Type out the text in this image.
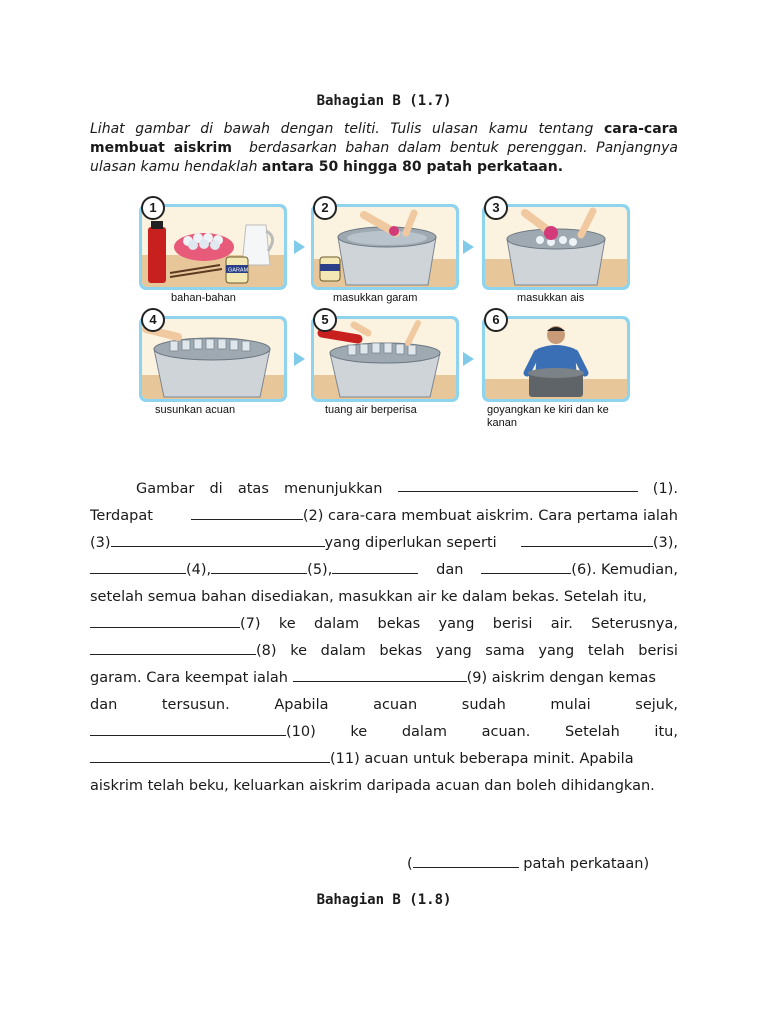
Bahagian B (1.7)
Lihat gambar di bawah dengan teliti. Tulis ulasan kamu tentang cara-cara membuat aiskrim berdasarkan bahan dalam bentuk perenggan. Panjangnya ulasan kamu hendaklah antara 50 hingga 80 patah perkataan.
GARAM
1
bahan-bahan
2
masukkan garam
3
masukkan ais
4
susunkan acuan
5
tuang air berperisa
6
goyangkan ke kiri dan ke kanan
Gambar di atas menunjukkan	(1).
Terdapat	(2) cara-cara membuat aiskrim. Cara pertama ialah
(3)	yang diperlukan seperti	(3),
(4),	(5),	dan	(6). Kemudian,
setelah semua bahan disediakan, masukkan air ke dalam bekas. Setelah itu,
(7) ke dalam bekas yang berisi air. Seterusnya,
(8) ke dalam bekas yang sama yang telah berisi
garam. Cara keempat ialah	(9) aiskrim dengan kemas
dan	tersusun.	Apabila	acuan	sudah	mulai	sejuk,
(10) ke dalam acuan. Setelah itu,
(11) acuan untuk beberapa minit. Apabila
aiskrim telah beku, keluarkan aiskrim daripada acuan dan boleh dihidangkan.
(	patah perkataan)
Bahagian B (1.8)
